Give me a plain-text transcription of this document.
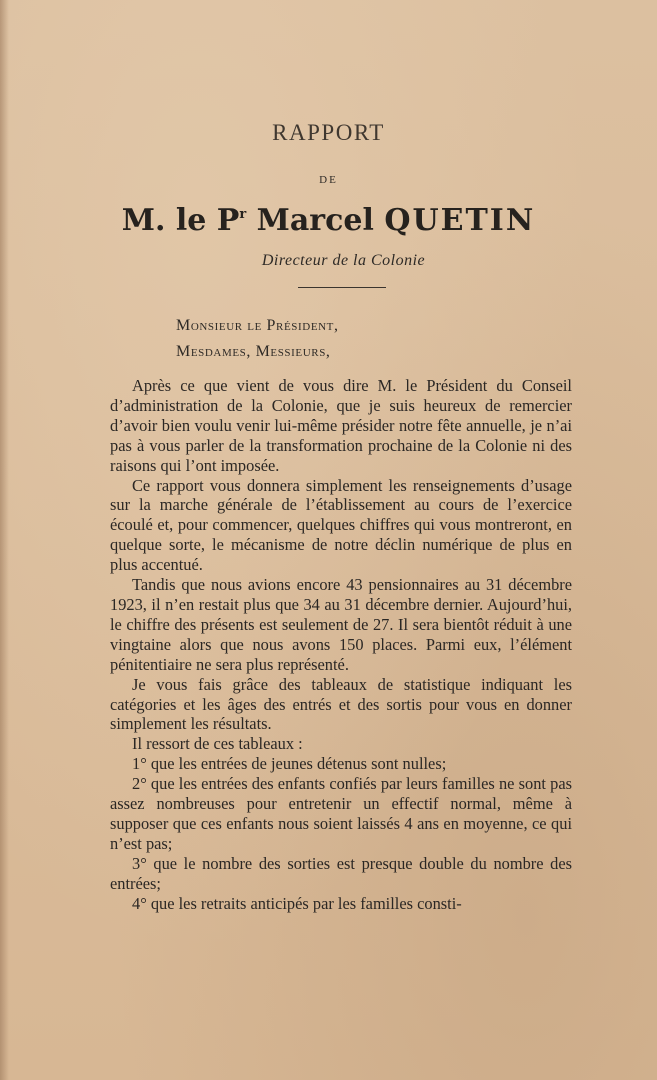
RAPPORT
DE
M. le $P^r$ Marcel QUETIN
Directeur de la Colonie
Monsieur le Président,
Mesdames, Messieurs,

Après ce que vient de vous dire M. le Président du Conseil d’administration de la Colonie, que je suis heureux de remercier d’avoir bien voulu venir lui-même présider notre fête annuelle, je n’ai pas à vous parler de la transformation prochaine de la Colonie ni des raisons qui l’ont imposée.

Ce rapport vous donnera simplement les renseignements d’usage sur la marche générale de l’établissement au cours de l’exercice écoulé et, pour commencer, quelques chiffres qui vous montreront, en quelque sorte, le mécanisme de notre déclin numérique de plus en plus accentué.

Tandis que nous avions encore 43 pensionnaires au 31 décembre 1923, il n’en restait plus que 34 au 31 décembre dernier. Aujourd’hui, le chiffre des présents est seulement de 27. Il sera bientôt réduit à une vingtaine alors que nous avons 150 places. Parmi eux, l’élément pénitentiaire ne sera plus représenté.

Je vous fais grâce des tableaux de statistique indiquant les catégories et les âges des entrés et des sortis pour vous en donner simplement les résultats.

Il ressort de ces tableaux :

1° que les entrées de jeunes détenus sont nulles;

2° que les entrées des enfants confiés par leurs familles ne sont pas assez nombreuses pour entretenir un effectif normal, même à supposer que ces enfants nous soient laissés 4 ans en moyenne, ce qui n’est pas;

3° que le nombre des sorties est presque double du nombre des entrées;

4° que les retraits anticipés par les familles consti-
